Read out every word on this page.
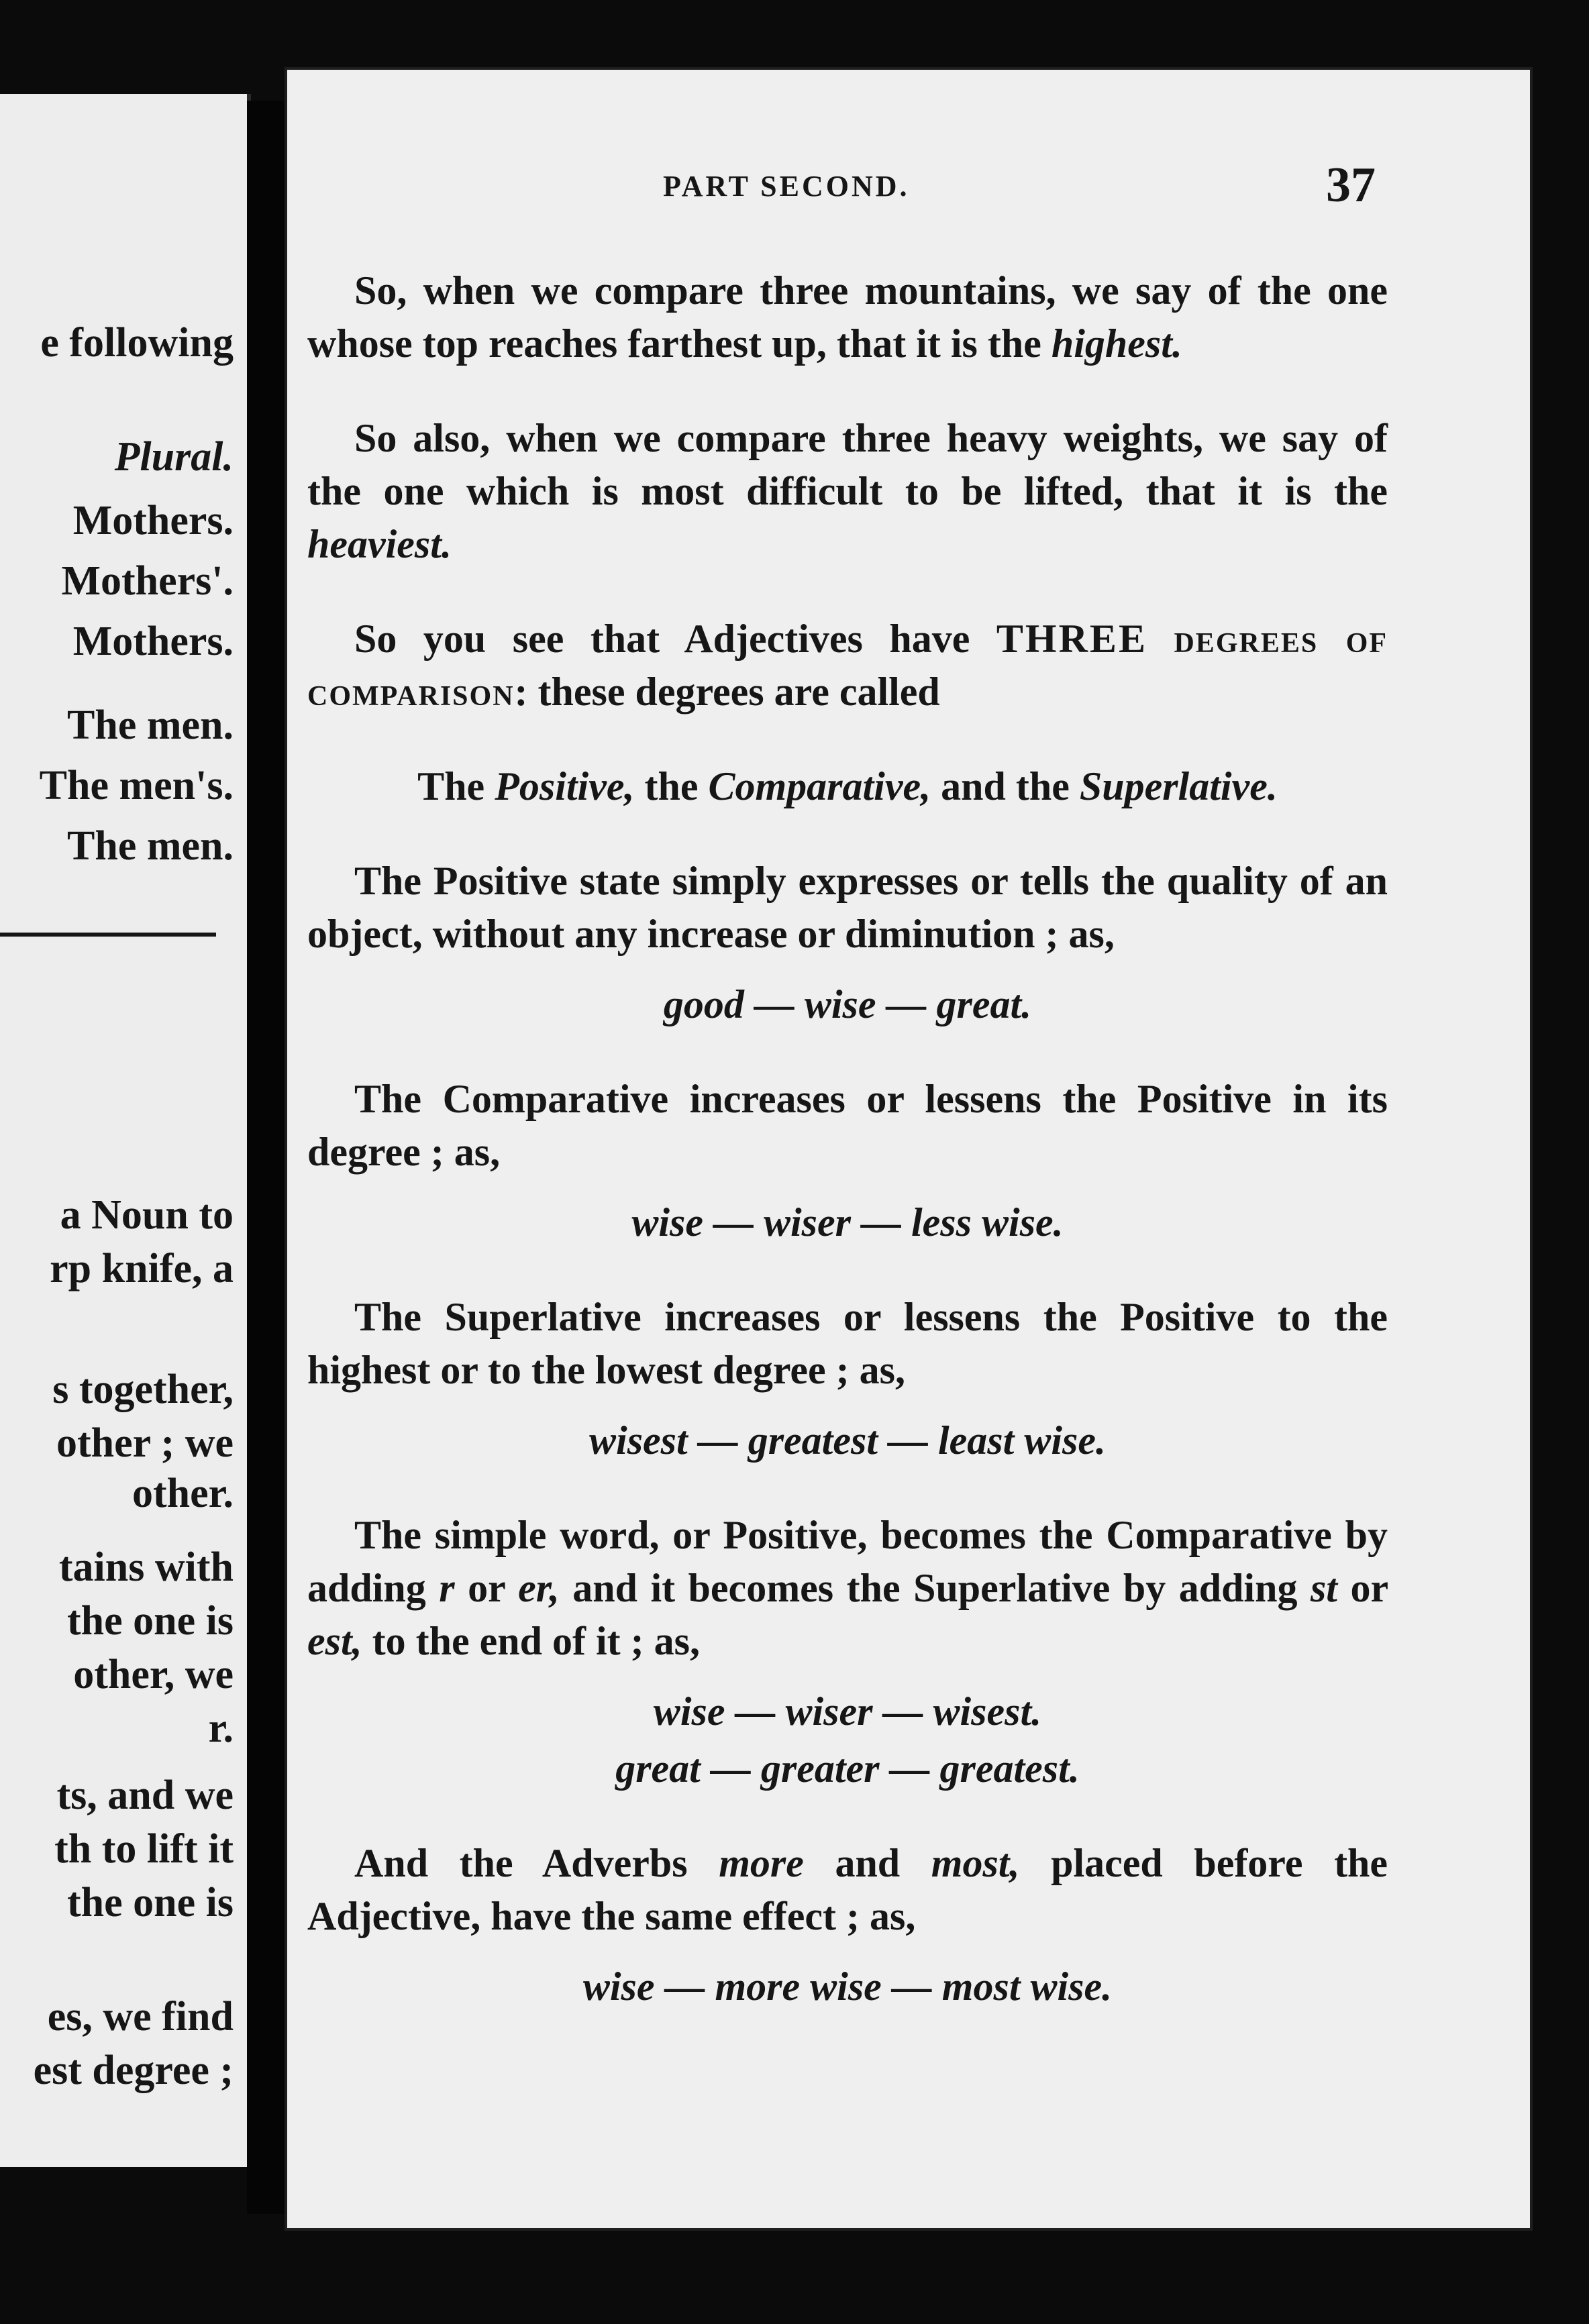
e following
Plural.
Mothers.
Mothers'.
Mothers.
The men.
The men's.
The men.
a Noun to
rp knife, a
s together,
other ; we
other.
tains with
the one is
other, we
r.
ts, and we
th to lift it
the one is
es, we find
est degree ;
PART SECOND.	37

So, when we compare three mountains, we say of the one whose top reaches farthest up, that it is the highest.

So also, when we compare three heavy weights, we say of the one which is most difficult to be lifted, that it is the heaviest.

So you see that Adjectives have THREE degrees of comparison: these degrees are called

The Positive, the Comparative, and the Superlative.

The Positive state simply expresses or tells the quality of an object, without any increase or diminution ; as,

good — wise — great.

The Comparative increases or lessens the Positive in its degree ; as,

wise — wiser — less wise.

The Superlative increases or lessens the Positive to the highest or to the lowest degree ; as,

wisest — greatest — least wise.

The simple word, or Positive, becomes the Comparative by adding r or er, and it becomes the Superlative by adding st or est, to the end of it ; as,

wise — wiser — wisest.

great — greater — greatest.

And the Adverbs more and most, placed before the Adjective, have the same effect ; as,

wise — more wise — most wise.
